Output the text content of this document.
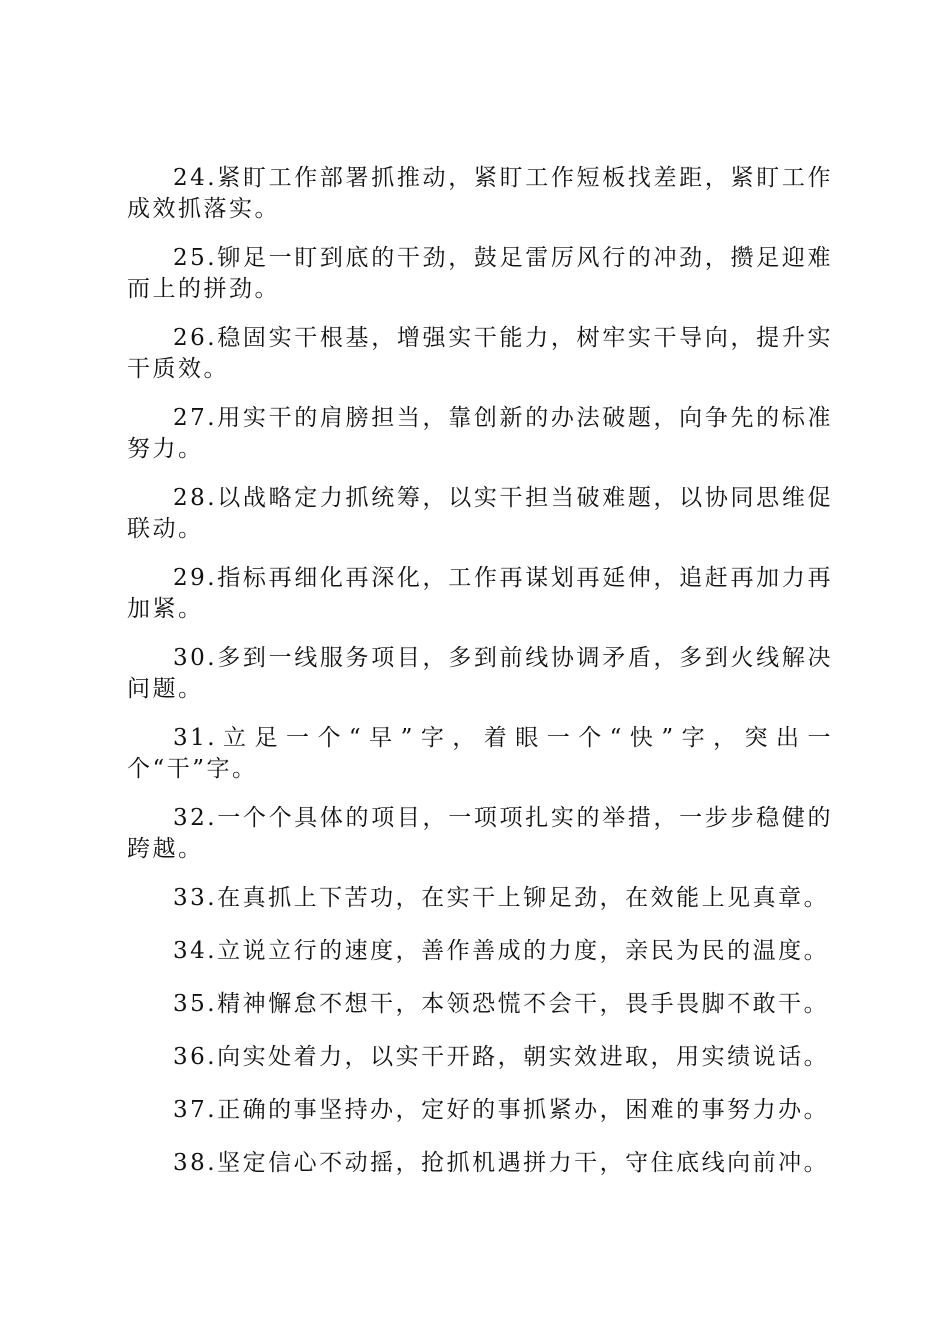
24.紧盯工作部署抓推动，紧盯工作短板找差距，紧盯工作成效抓落实。

25.铆足一盯到底的干劲，鼓足雷厉风行的冲劲，攒足迎难而上的拼劲。

26.稳固实干根基，增强实干能力，树牢实干导向，提升实干质效。

27.用实干的肩膀担当，靠创新的办法破题，向争先的标准努力。

28.以战略定力抓统筹，以实干担当破难题，以协同思维促联动。

29.指标再细化再深化，工作再谋划再延伸，追赶再加力再加紧。

30.多到一线服务项目，多到前线协调矛盾，多到火线解决问题。

31.立足一个“早”字，着眼一个“快”字，突出一个“干”字。

32.一个个具体的项目，一项项扎实的举措，一步步稳健的跨越。

33.在真抓上下苦功，在实干上铆足劲，在效能上见真章。

34.立说立行的速度，善作善成的力度，亲民为民的温度。

35.精神懈怠不想干，本领恐慌不会干，畏手畏脚不敢干。

36.向实处着力，以实干开路，朝实效进取，用实绩说话。

37.正确的事坚持办，定好的事抓紧办，困难的事努力办。

38.坚定信心不动摇，抢抓机遇拼力干，守住底线向前冲。
